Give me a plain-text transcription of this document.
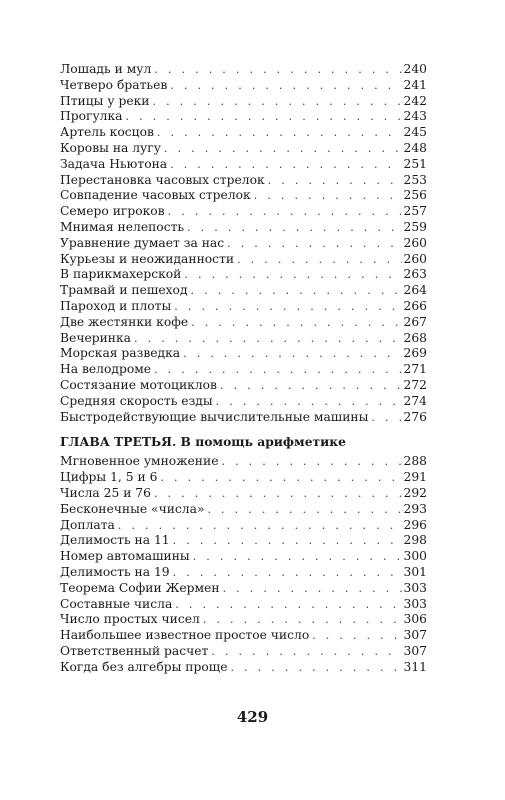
Лошадь и мул . . .	240
Четверо братьев . . .	241
Птицы у реки . . .	242
Прогулка . . .	243
Артель косцов . . .	245
Коровы на лугу . . .	248
Задача Ньютона . . .	251
Перестановка часовых стрелок . . .	253
Совпадение часовых стрелок . . .	256
Семеро игроков . . .	257
Мнимая нелепость . . .	259
Уравнение думает за нас . . .	260
Курьезы и неожиданности . . .	260
В парикмахерской . . .	263
Трамвай и пешеход . . .	264
Пароход и плоты . . .	266
Две жестянки кофе . . .	267
Вечеринка . . .	268
Морская разведка . . .	269
На велодроме . . .	271
Состязание мотоциклов . . .	272
Средняя скорость езды . . .	274
Быстродействующие вычислительные машины . . .	276
ГЛАВА ТРЕТЬЯ. В помощь арифметике
Мгновенное умножение . . .	288
Цифры 1, 5 и 6 . . .	291
Числа 25 и 76 . . .	292
Бесконечные «числа» . . .	293
Доплата . . .	296
Делимость на 11 . . .	298
Номер автомашины . . .	300
Делимость на 19 . . .	301
Теорема Софии Жермен . . .	303
Составные числа . . .	303
Число простых чисел . . .	306
Наибольшее известное простое число . . .	307
Ответственный расчет . . .	307
Когда без алгебры проще . . .	311
429
